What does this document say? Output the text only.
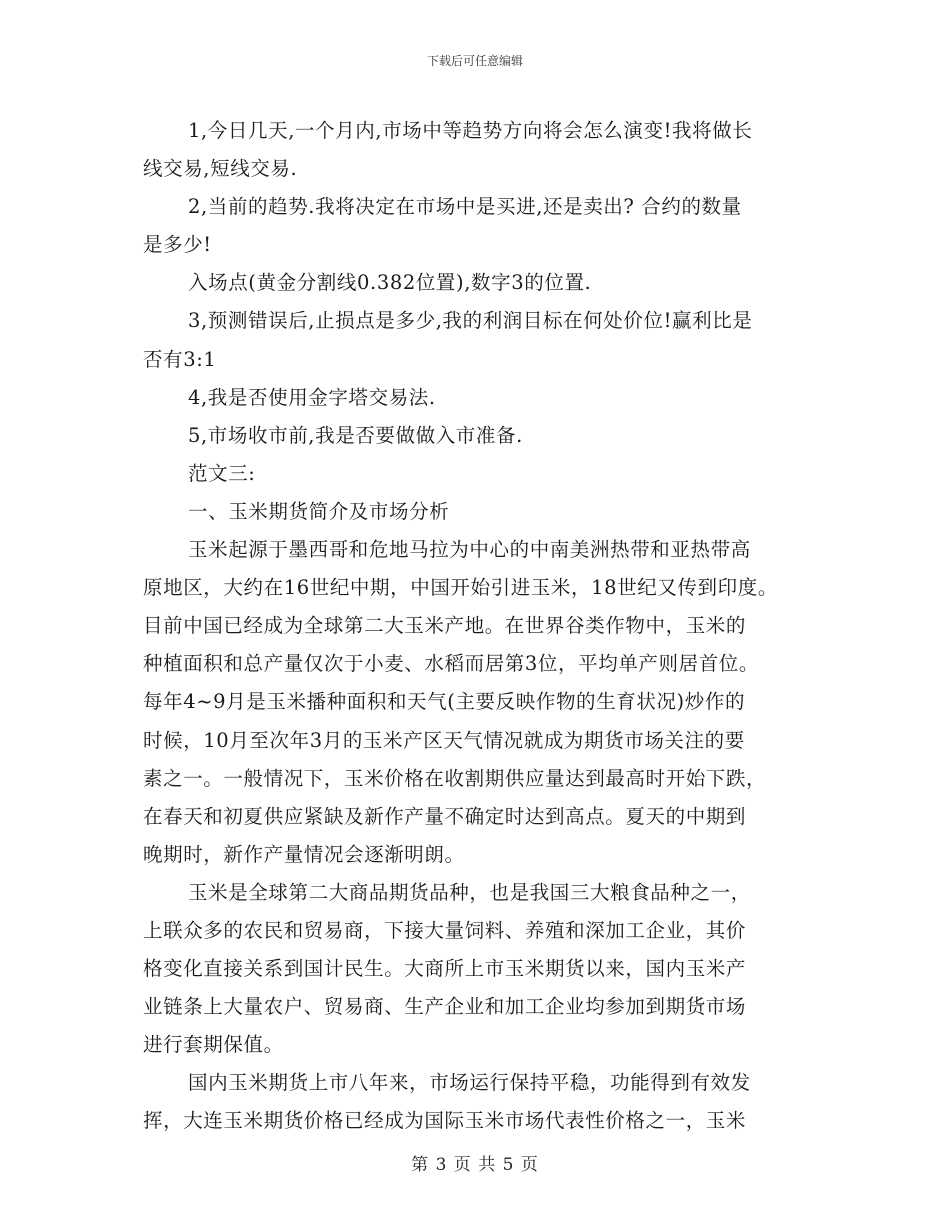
下载后可任意编辑
1,今日几天,一个月内,市场中等趋势方向将会怎么演变!我将做长
线交易,短线交易.
2,当前的趋势.我将决定在市场中是买进,还是卖出? 合约的数量
是多少!
入场点(黄金分割线0.382位置),数字3的位置.
3,预测错误后,止损点是多少,我的利润目标在何处价位!赢利比是
否有3:1
4,我是否使用金字塔交易法.
5,市场收市前,我是否要做做入市准备.
范文三:
一、玉米期货简介及市场分析
玉米起源于墨西哥和危地马拉为中心的中南美洲热带和亚热带高
原地区，大约在16世纪中期，中国开始引进玉米，18世纪又传到印度。
目前中国已经成为全球第二大玉米产地。在世界谷类作物中，玉米的
种植面积和总产量仅次于小麦、水稻而居第3位，平均单产则居首位。
每年4~9月是玉米播种面积和天气(主要反映作物的生育状况)炒作的
时候，10月至次年3月的玉米产区天气情况就成为期货市场关注的要
素之一。一般情况下，玉米价格在收割期供应量达到最高时开始下跌，
在春天和初夏供应紧缺及新作产量不确定时达到高点。夏天的中期到
晚期时，新作产量情况会逐渐明朗。
玉米是全球第二大商品期货品种，也是我国三大粮食品种之一，
上联众多的农民和贸易商，下接大量饲料、养殖和深加工企业，其价
格变化直接关系到国计民生。大商所上市玉米期货以来，国内玉米产
业链条上大量农户、贸易商、生产企业和加工企业均参加到期货市场
进行套期保值。
国内玉米期货上市八年来，市场运行保持平稳，功能得到有效发
挥，大连玉米期货价格已经成为国际玉米市场代表性价格之一，玉米
第 3 页 共 5 页
